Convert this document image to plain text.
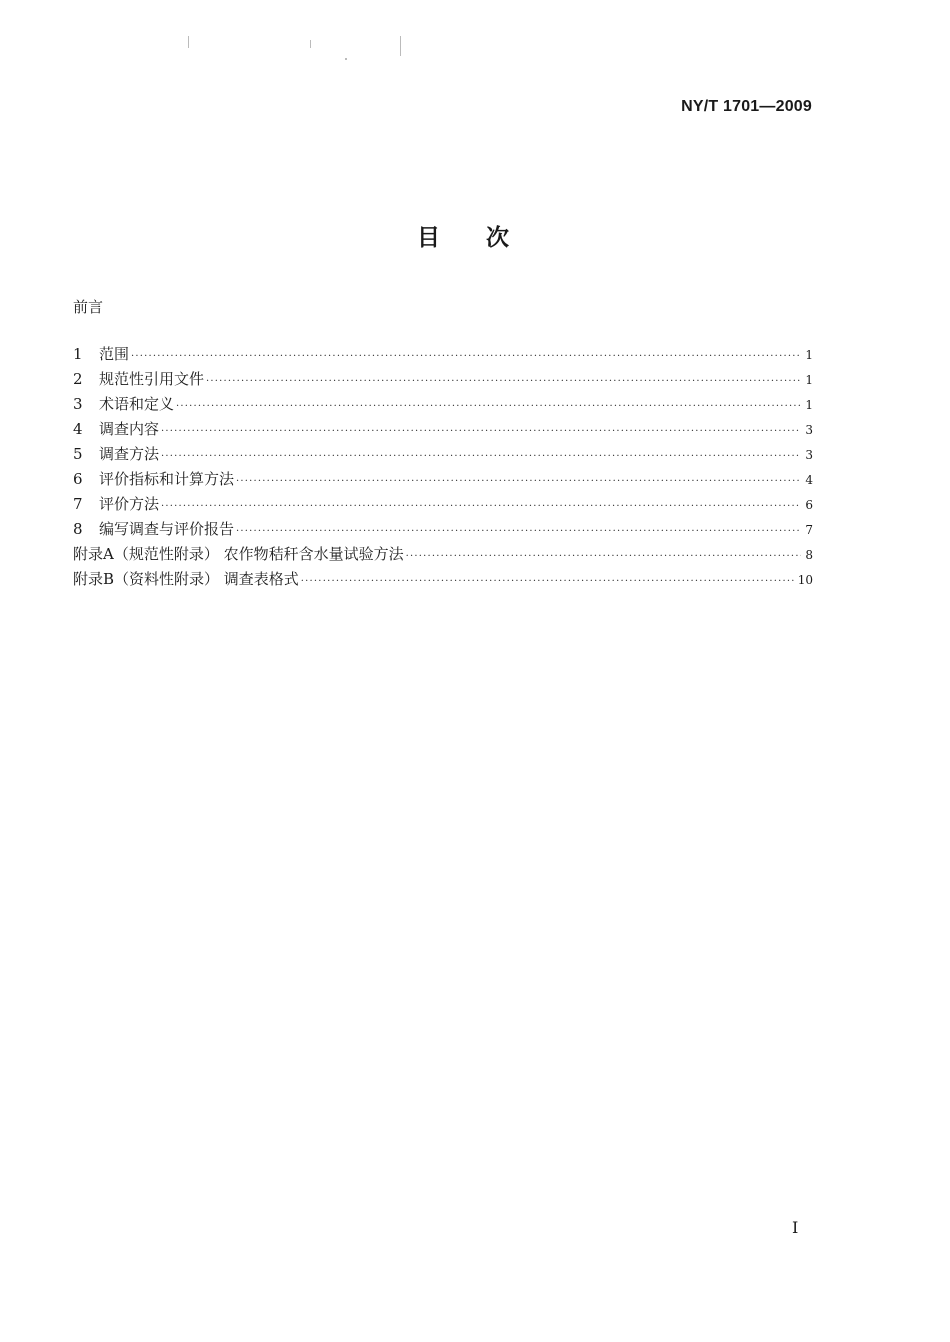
NY/T 1701—2009
目次
前言
1	范围 ·····	1
2	规范性引用文件 ·····	1
3	术语和定义 ·····	1
4	调查内容 ·····	3
5	调查方法 ·····	3
6	评价指标和计算方法 ·····	4
7	评价方法 ·····	6
8	编写调查与评价报告 ·····	7
附录A（规范性附录） 农作物秸秆含水量试验方法 ·····	8
附录B（资料性附录） 调查表格式 ·····	10
I
